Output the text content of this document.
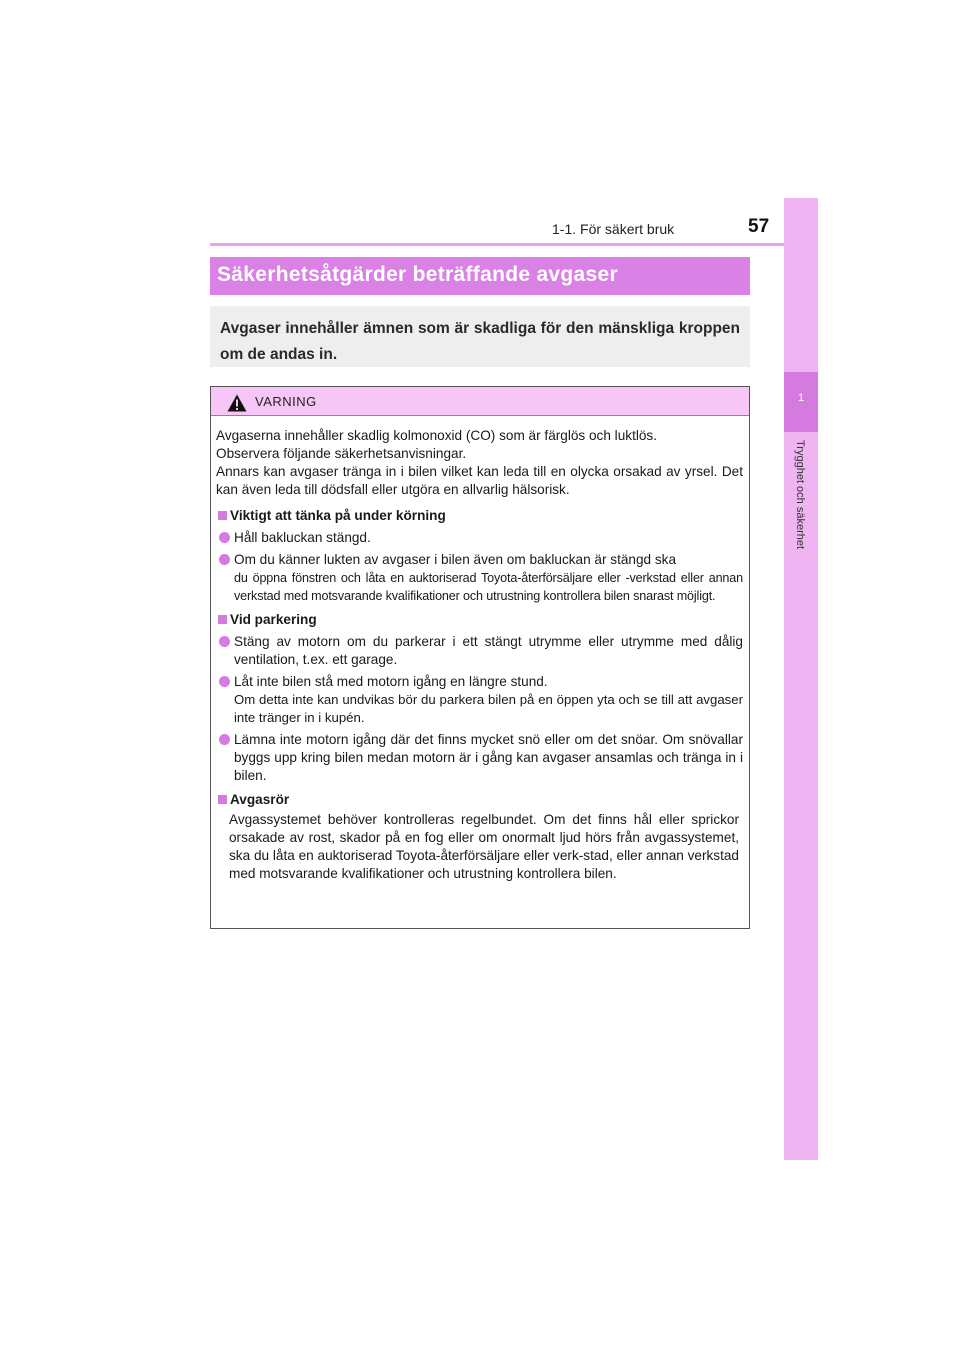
1-1. För säkert bruk	57
1
Trygghet och säkerhet
Säkerhetsåtgärder beträffande avgaser

Avgaser innehåller ämnen som är skadliga för den mänskliga kroppen om de andas in.

VARNING

Avgaserna innehåller skadlig kolmonoxid (CO) som är färglös och luktlös.

Observera följande säkerhetsanvisningar.

Annars kan avgaser tränga in i bilen vilket kan leda till en olycka orsakad av yrsel. Det kan även leda till dödsfall eller utgöra en allvarlig hälsorisk.

Viktigt att tänka på under körning
Håll bakluckan stängd.

Om du känner lukten av avgaser i bilen även om bakluckan är stängd ska

du öppna fönstren och låta en auktoriserad Toyota-återförsäljare eller -verkstad eller annan verkstad med motsvarande kvalifikationer och utrustning kontrollera bilen snarast möjligt.

Vid parkering
Stäng av motorn om du parkerar i ett stängt utrymme eller utrymme med dålig ventilation, t.ex. ett garage.

Låt inte bilen stå med motorn igång en längre stund.

Om detta inte kan undvikas bör du parkera bilen på en öppen yta och se till att avgaser inte tränger in i kupén.

Lämna inte motorn igång där det finns mycket snö eller om det snöar. Om snövallar byggs upp kring bilen medan motorn är i gång kan avgaser ansamlas och tränga in i bilen.
Avgasrör

Avgassystemet behöver kontrolleras regelbundet. Om det finns hål eller sprickor orsakade av rost, skador på en fog eller om onormalt ljud hörs från avgassystemet, ska du låta en auktoriserad Toyota-återförsäljare eller verk-stad, eller annan verkstad med motsvarande kvalifikationer och utrustning kontrollera bilen.
